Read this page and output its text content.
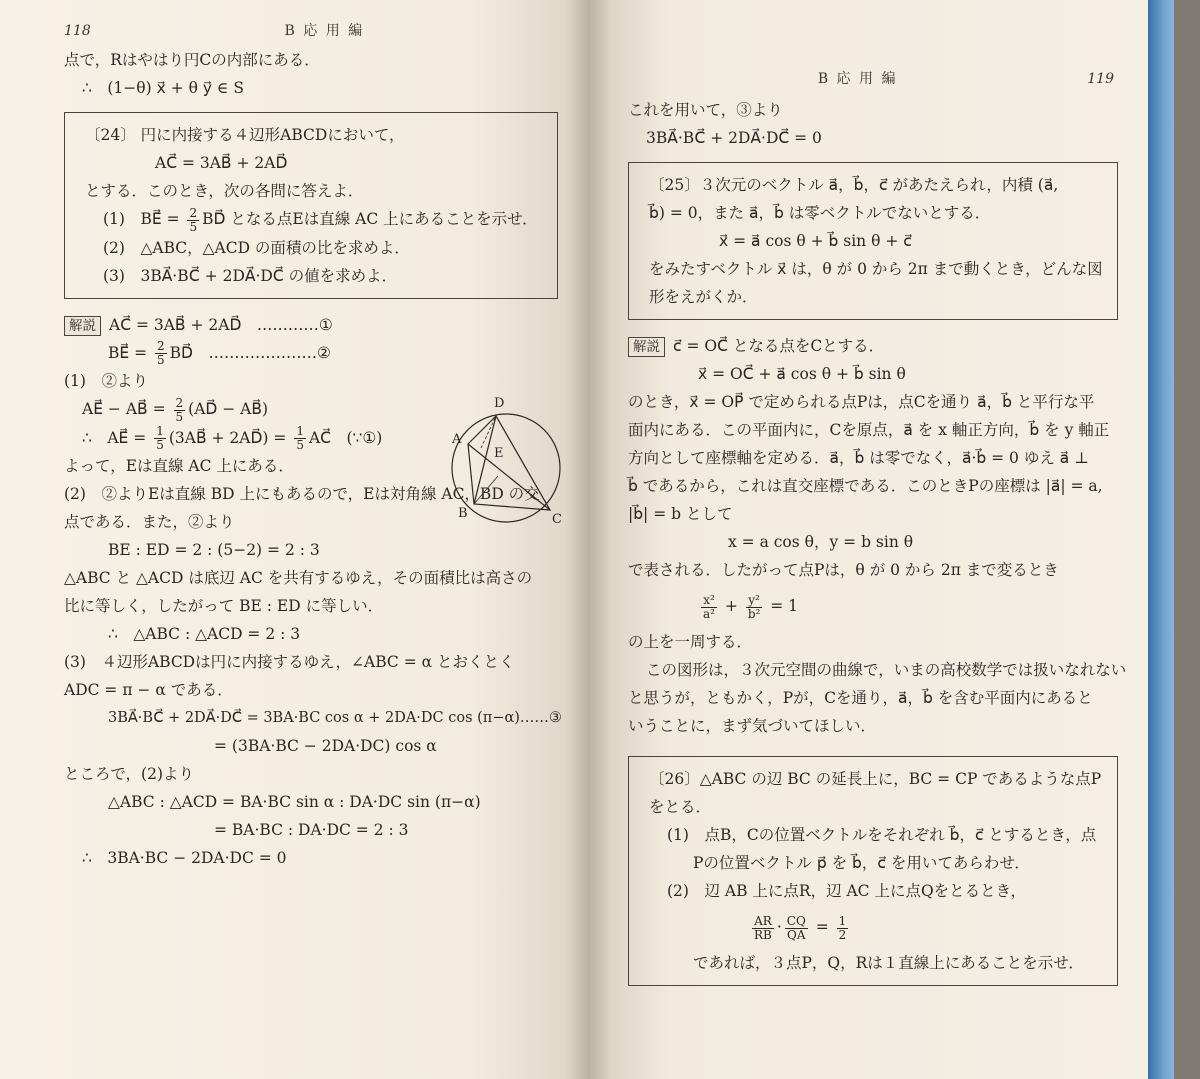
118	B 応 用 編
点で，Rはやはり円Cの内部にある．
∴　(1−θ) x⃗ + θ y⃗ ∈ S
〔24〕 円に内接する４辺形ABCDにおいて，
AC⃗ = 3AB⃗ + 2AD⃗
とする．このとき，次の各問に答えよ．
(1)　BE⃗ = $\frac{2}{5}$ BD⃗ となる点Eは直線 AC 上にあることを示せ．
(2)　△ABC，△ACD の面積の比を求めよ．
(3)　3BA⃗·BC⃗ + 2DA⃗·DC⃗ の値を求めよ．
解説 AC⃗ = 3AB⃗ + 2AD⃗　…………①
BE⃗ = $\frac{2}{5}$ BD⃗　…………………②
(1)　②より
AE⃗ − AB⃗ = $\frac{2}{5}$ (AD⃗ − AB⃗)
∴　AE⃗ = $\frac{1}{5}$ (3AB⃗ + 2AD⃗) = $\frac{1}{5}$ AC⃗　(∵①)
よって，Eは直線 AC 上にある．
(2)　②よりEは直線 BD 上にもあるので，Eは対角線 AC，BD の交
点である．また，②より
BE : ED = 2 : (5−2) = 2 : 3
△ABC と △ACD は底辺 AC を共有するゆえ，その面積比は高さの
比に等しく，したがって BE : ED に等しい．
∴　△ABC : △ACD = 2 : 3
(3)　４辺形ABCDは円に内接するゆえ，∠ABC = α とおくとく
ADC = π − α である．
3BA⃗·BC⃗ + 2DA⃗·DC⃗ = 3BA·BC cos α + 2DA·DC cos (π−α)……③
= (3BA·BC − 2DA·DC) cos α
ところで，(2)より
△ABC : △ACD = BA·BC sin α : DA·DC sin (π−α)
= BA·BC : DA·DC = 2 : 3
∴　3BA·BC − 2DA·DC = 0
D
A
E
B	C
B 応 用 編	119
これを用いて，③より
3BA⃗·BC⃗ + 2DA⃗·DC⃗ = 0
〔25〕３次元のベクトル a⃗，b⃗，c⃗ があたえられ，内積 (a⃗,
b⃗) = 0，また a⃗，b⃗ は零ベクトルでないとする．
x⃗ = a⃗ cos θ + b⃗ sin θ + c⃗
をみたすベクトル x⃗ は，θ が 0 から 2π まで動くとき，どんな図
形をえがくか．
解説 c⃗ = OC⃗ となる点をCとする．
x⃗ = OC⃗ + a⃗ cos θ + b⃗ sin θ
のとき，x⃗ = OP⃗ で定められる点Pは，点Cを通り a⃗，b⃗ と平行な平
面内にある．この平面内に，Cを原点，a⃗ を x 軸正方向，b⃗ を y 軸正
方向として座標軸を定める．a⃗，b⃗ は零でなく，a⃗·b⃗ = 0 ゆえ a⃗ ⊥
b⃗ であるから，これは直交座標である．このときPの座標は |a⃗| = a,
|b⃗| = b として
x = a cos θ，y = b sin θ
で表される．したがって点Pは，θ が 0 から 2π まで変るとき
$\frac{\text{x²}}{\text{a²}} + \frac{\text{y²}}{\text{b²}} = 1$
の上を一周する．
この図形は，３次元空間の曲線で，いまの高校数学では扱いなれない
と思うが，ともかく，Pが，Cを通り，a⃗，b⃗ を含む平面内にあると
いうことに，まず気づいてほしい．
〔26〕△ABC の辺 BC の延長上に，BC = CP であるような点P
をとる．
(1)　点B，Cの位置ベクトルをそれぞれ b⃗，c⃗ とするとき，点
Pの位置ベクトル p⃗ を b⃗，c⃗ を用いてあらわせ．
(2)　辺 AB 上に点R，辺 AC 上に点Qをとるとき，
$\frac{AR}{RB} \cdot \frac{CQ}{QA} = \frac{1}{2}$
であれば，３点P，Q，Rは１直線上にあることを示せ．
